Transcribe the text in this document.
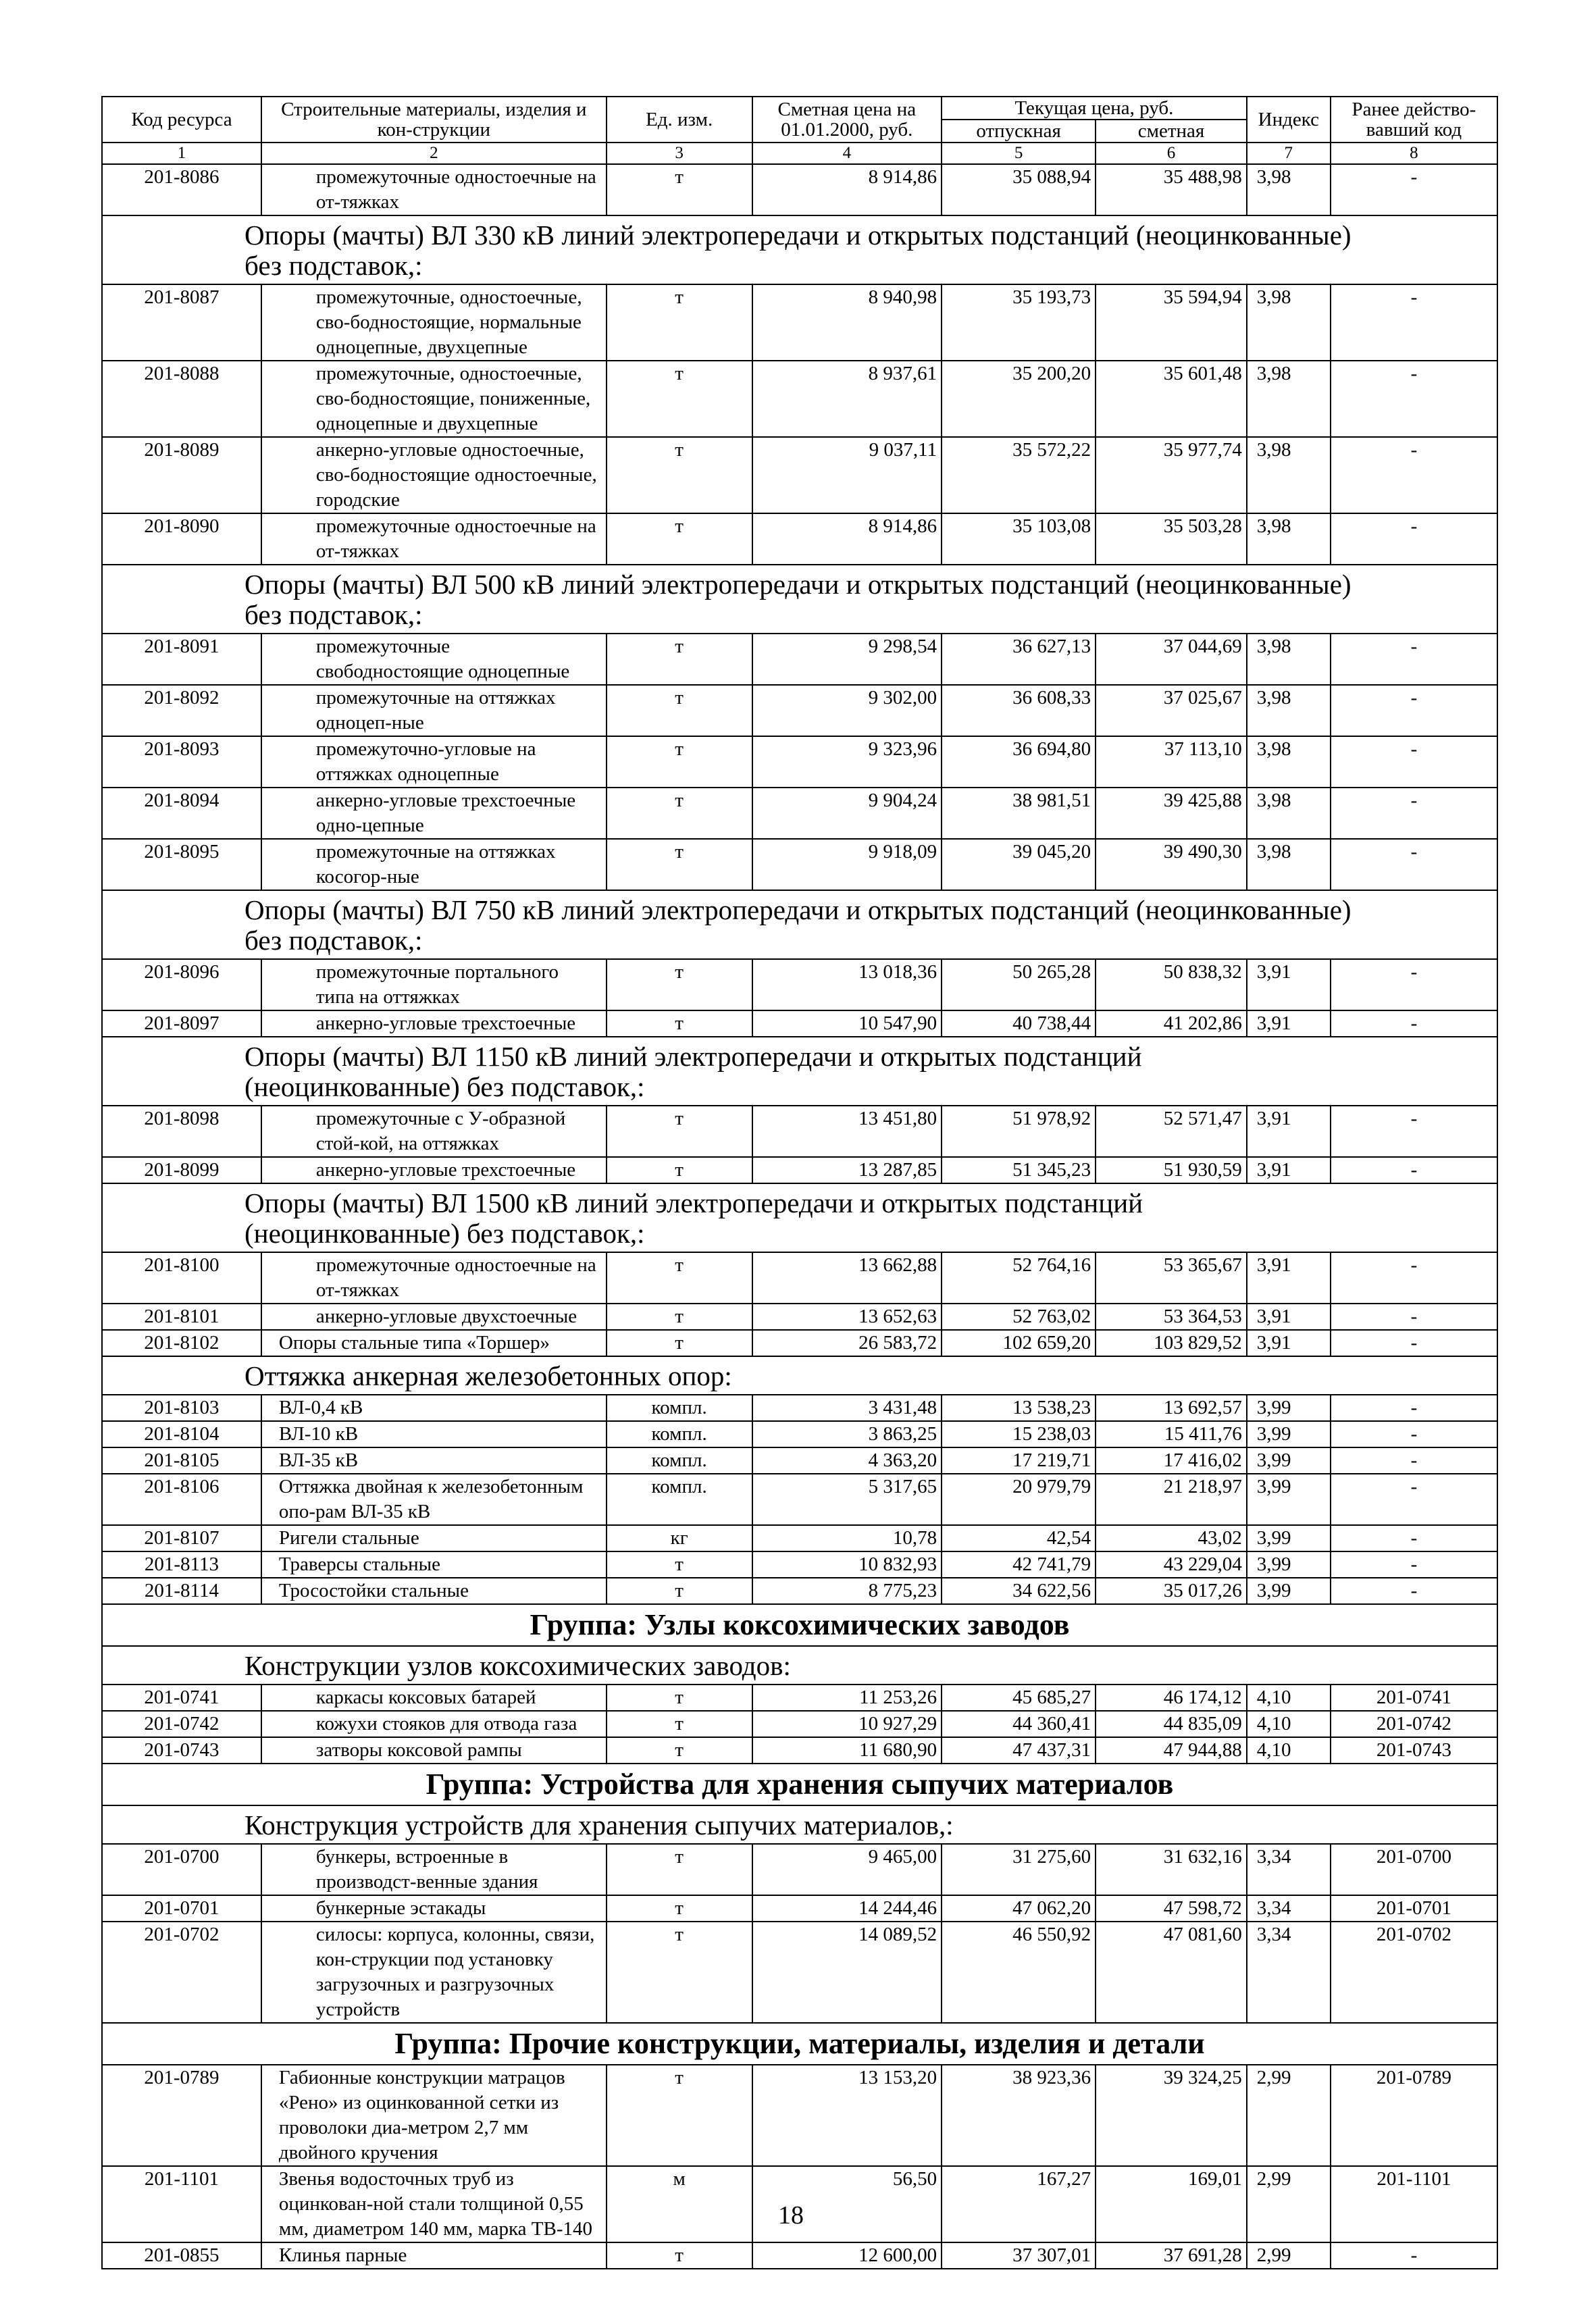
Код ресурса	Строительные материалы, изделия и кон-струкции	Ед. изм.	Сметная цена на 01.01.2000, руб.	Текущая цена, руб.		Индекс	Ранее действо-вавший код
				отпускная	сметная		
1	2	3	4	5	6	7	8
201-8086	промежуточные одностоечные на от-тяжках	т	8 914,86	35 088,94	35 488,98	3,98	-
Опоры (мачты) ВЛ 330 кВ линий электропередачи и открытых подстанций (неоцинкованные) без подставок,:							
201-8087	промежуточные, одностоечные, сво-бодностоящие, нормальные одноцепные, двухцепные	т	8 940,98	35 193,73	35 594,94	3,98	-
201-8088	промежуточные, одностоечные, сво-бодностоящие, пониженные, одноцепные и двухцепные	т	8 937,61	35 200,20	35 601,48	3,98	-
201-8089	анкерно-угловые одностоечные, сво-бодностоящие одностоечные, городские	т	9 037,11	35 572,22	35 977,74	3,98	-
201-8090	промежуточные одностоечные на от-тяжках	т	8 914,86	35 103,08	35 503,28	3,98	-
Опоры (мачты) ВЛ 500 кВ линий электропередачи и открытых подстанций (неоцинкованные) без подставок,:							
201-8091	промежуточные свободностоящие одноцепные	т	9 298,54	36 627,13	37 044,69	3,98	-
201-8092	промежуточные на оттяжках одноцеп-ные	т	9 302,00	36 608,33	37 025,67	3,98	-
201-8093	промежуточно-угловые на оттяжках одноцепные	т	9 323,96	36 694,80	37 113,10	3,98	-
201-8094	анкерно-угловые трехстоечные одно-цепные	т	9 904,24	38 981,51	39 425,88	3,98	-
201-8095	промежуточные на оттяжках косогор-ные	т	9 918,09	39 045,20	39 490,30	3,98	-
Опоры (мачты) ВЛ 750 кВ линий электропередачи и открытых подстанций (неоцинкованные) без подставок,:							
201-8096	промежуточные портального типа на оттяжках	т	13 018,36	50 265,28	50 838,32	3,91	-
201-8097	анкерно-угловые трехстоечные	т	10 547,90	40 738,44	41 202,86	3,91	-
Опоры (мачты) ВЛ 1150 кВ линий электропередачи и открытых подстанций (неоцинкованные) без подставок,:							
201-8098	промежуточные с У-образной стой-кой, на оттяжках	т	13 451,80	51 978,92	52 571,47	3,91	-
201-8099	анкерно-угловые трехстоечные	т	13 287,85	51 345,23	51 930,59	3,91	-
Опоры (мачты) ВЛ 1500 кВ линий электропередачи и открытых подстанций (неоцинкованные) без подставок,:							
201-8100	промежуточные одностоечные на от-тяжках	т	13 662,88	52 764,16	53 365,67	3,91	-
201-8101	анкерно-угловые двухстоечные	т	13 652,63	52 763,02	53 364,53	3,91	-
201-8102	Опоры стальные типа «Торшер»	т	26 583,72	102 659,20	103 829,52	3,91	-
Оттяжка анкерная железобетонных опор:							
201-8103	ВЛ-0,4 кВ	компл.	3 431,48	13 538,23	13 692,57	3,99	-
201-8104	ВЛ-10 кВ	компл.	3 863,25	15 238,03	15 411,76	3,99	-
201-8105	ВЛ-35 кВ	компл.	4 363,20	17 219,71	17 416,02	3,99	-
201-8106	Оттяжка двойная к железобетонным опо-рам ВЛ-35 кВ	компл.	5 317,65	20 979,79	21 218,97	3,99	-
201-8107	Ригели стальные	кг	10,78	42,54	43,02	3,99	-
201-8113	Траверсы стальные	т	10 832,93	42 741,79	43 229,04	3,99	-
201-8114	Тросостойки стальные	т	8 775,23	34 622,56	35 017,26	3,99	-
Группа: Узлы коксохимических заводов							
Конструкции узлов коксохимических заводов:							
201-0741	каркасы коксовых батарей	т	11 253,26	45 685,27	46 174,12	4,10	201-0741
201-0742	кожухи стояков для отвода газа	т	10 927,29	44 360,41	44 835,09	4,10	201-0742
201-0743	затворы коксовой рампы	т	11 680,90	47 437,31	47 944,88	4,10	201-0743
Группа: Устройства для хранения сыпучих материалов							
Конструкция устройств для хранения сыпучих материалов,:							
201-0700	бункеры, встроенные в производст-венные здания	т	9 465,00	31 275,60	31 632,16	3,34	201-0700
201-0701	бункерные эстакады	т	14 244,46	47 062,20	47 598,72	3,34	201-0701
201-0702	силосы: корпуса, колонны, связи, кон-струкции под установку загрузочных и разгрузочных устройств	т	14 089,52	46 550,92	47 081,60	3,34	201-0702
Группа: Прочие конструкции, материалы, изделия и детали							
201-0789	Габионные конструкции матрацов «Рено» из оцинкованной сетки из проволоки диа-метром 2,7 мм двойного кручения	т	13 153,20	38 923,36	39 324,25	2,99	201-0789
201-1101	Звенья водосточных труб из оцинкован-ной стали толщиной 0,55 мм, диаметром 140 мм, марка ТВ-140	м	56,50	167,27	169,01	2,99	201-1101
201-0855	Клинья парные	т	12 600,00	37 307,01	37 691,28	2,99	-
18
